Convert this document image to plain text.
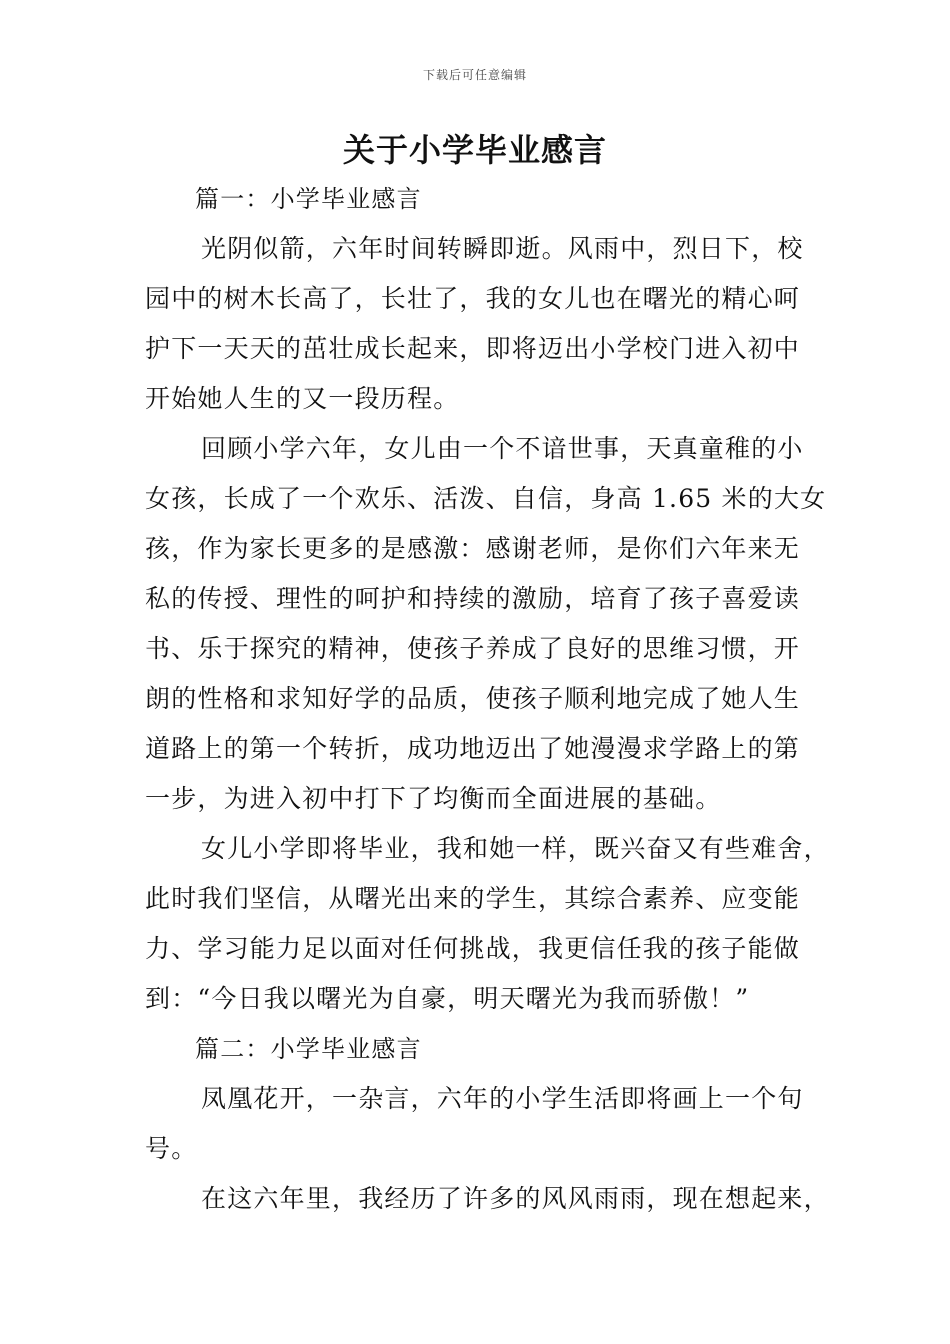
下载后可任意编辑
关于小学毕业感言
篇一：小学毕业感言
光阴似箭，六年时间转瞬即逝。风雨中，烈日下，校
园中的树木长高了，长壮了，我的女儿也在曙光的精心呵
护下一天天的茁壮成长起来，即将迈出小学校门进入初中
开始她人生的又一段历程。
回顾小学六年，女儿由一个不谙世事，天真童稚的小
女孩，长成了一个欢乐、活泼、自信，身高 1.65 米的大女
孩，作为家长更多的是感激：感谢老师，是你们六年来无
私的传授、理性的呵护和持续的激励，培育了孩子喜爱读
书、乐于探究的精神，使孩子养成了良好的思维习惯，开
朗的性格和求知好学的品质，使孩子顺利地完成了她人生
道路上的第一个转折，成功地迈出了她漫漫求学路上的第
一步，为进入初中打下了均衡而全面进展的基础。
女儿小学即将毕业，我和她一样，既兴奋又有些难舍，
此时我们坚信，从曙光出来的学生，其综合素养、应变能
力、学习能力足以面对任何挑战，我更信任我的孩子能做
到：“今日我以曙光为自豪，明天曙光为我而骄傲！”
篇二：小学毕业感言
凤凰花开，一杂言，六年的小学生活即将画上一个句
号。
在这六年里，我经历了许多的风风雨雨，现在想起来，
